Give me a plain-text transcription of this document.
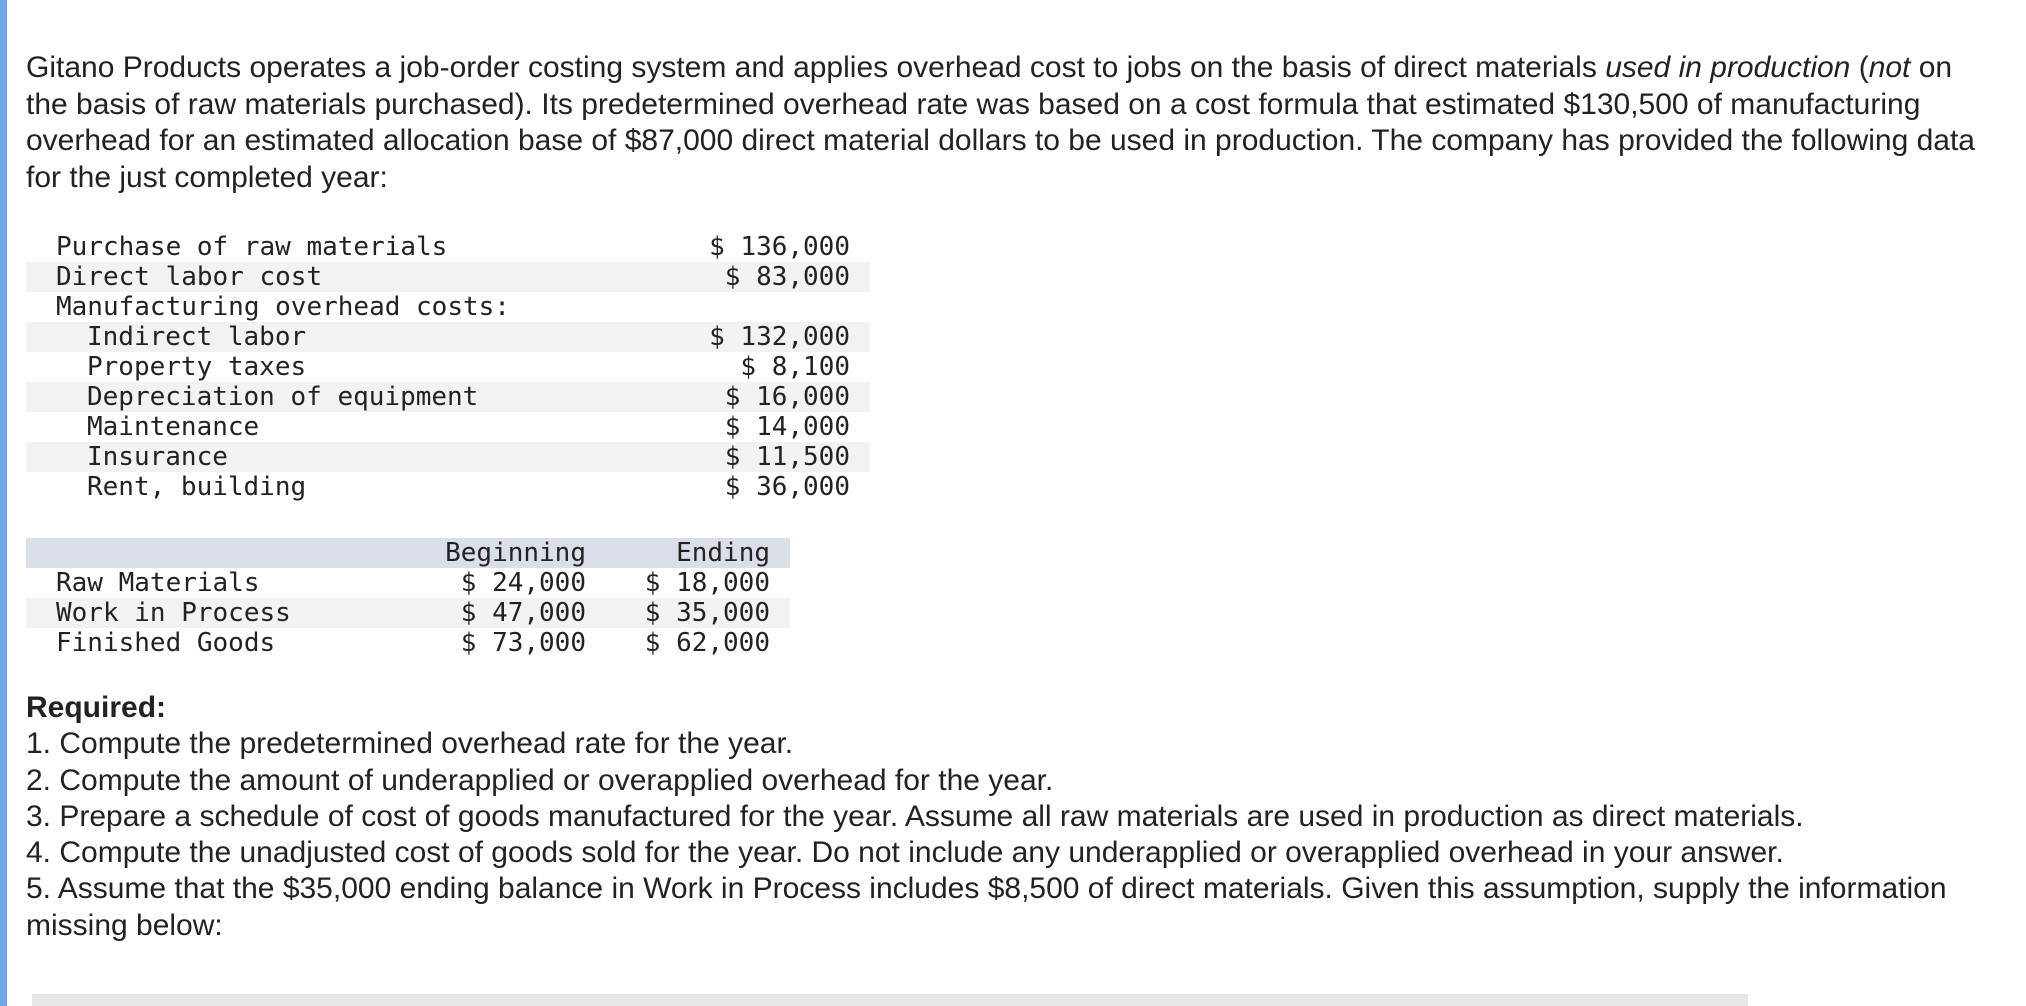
Gitano Products operates a job-order costing system and applies overhead cost to jobs on the basis of direct materials used in production (not on the basis of raw materials purchased). Its predetermined overhead rate was based on a cost formula that estimated $130,500 of manufacturing overhead for an estimated allocation base of $87,000 direct material dollars to be used in production. The company has provided the following data for the just completed year:

Purchase of raw materials	$ 136,000
Direct labor cost	$ 83,000
Manufacturing overhead costs:	
Indirect labor	$ 132,000
Property taxes	$ 8,100
Depreciation of equipment	$ 16,000
Maintenance	$ 14,000
Insurance	$ 11,500
Rent, building	$ 36,000
	Beginning	Ending
Raw Materials	$ 24,000	$ 18,000
Work in Process	$ 47,000	$ 35,000
Finished Goods	$ 73,000	$ 62,000

Required:

1. Compute the predetermined overhead rate for the year.

2. Compute the amount of underapplied or overapplied overhead for the year.

3. Prepare a schedule of cost of goods manufactured for the year. Assume all raw materials are used in production as direct materials.

4. Compute the unadjusted cost of goods sold for the year. Do not include any underapplied or overapplied overhead in your answer.

5. Assume that the $35,000 ending balance in Work in Process includes $8,500 of direct materials. Given this assumption, supply the information missing below:
